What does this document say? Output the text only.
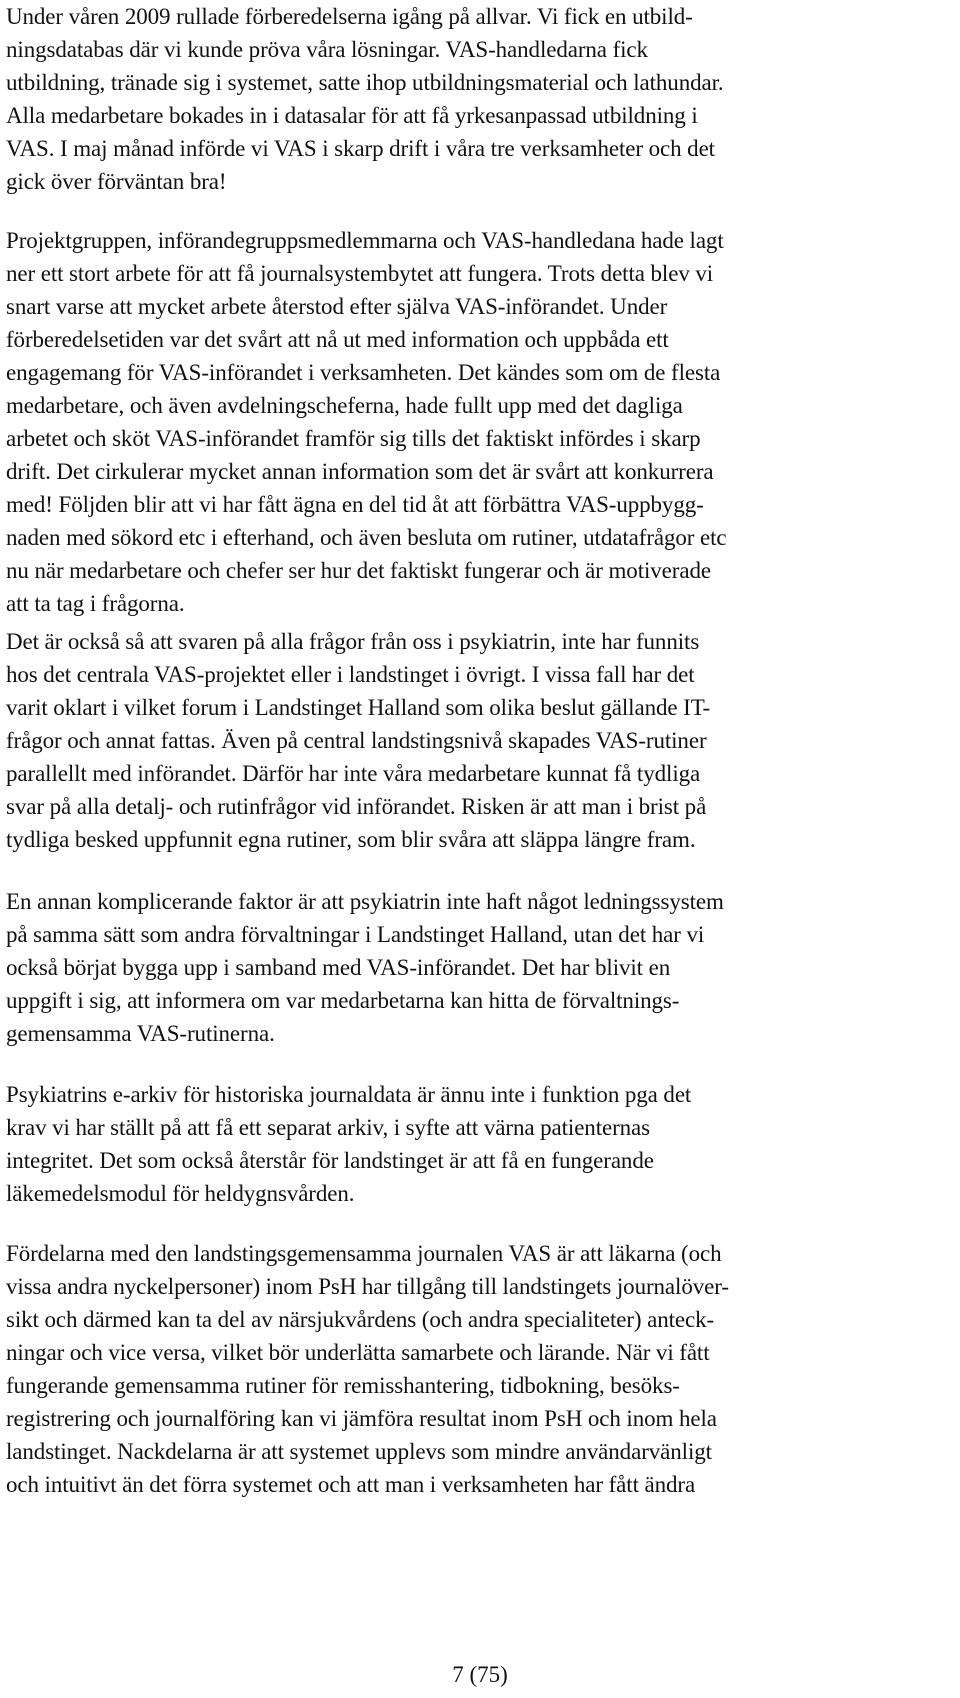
Under våren 2009 rullade förberedelserna igång på allvar. Vi fick en utbild-
ningsdatabas där vi kunde pröva våra lösningar. VAS-handledarna fick
utbildning, tränade sig i systemet, satte ihop utbildningsmaterial och lathundar.
Alla medarbetare bokades in i datasalar för att få yrkesanpassad utbildning i
VAS. I maj månad införde vi VAS i skarp drift i våra tre verksamheter och det
gick över förväntan bra!
Projektgruppen, införandegruppsmedlemmarna och VAS-handledana hade lagt
ner ett stort arbete för att få journalsystembytet att fungera. Trots detta blev vi
snart varse att mycket arbete återstod efter själva VAS-införandet. Under
förberedelsetiden var det svårt att nå ut med information och uppbåda ett
engagemang för VAS-införandet i verksamheten. Det kändes som om de flesta
medarbetare, och även avdelningscheferna, hade fullt upp med det dagliga
arbetet och sköt VAS-införandet framför sig tills det faktiskt infördes i skarp
drift. Det cirkulerar mycket annan information som det är svårt att konkurrera
med! Följden blir att vi har fått ägna en del tid åt att förbättra VAS-uppbygg-
naden med sökord etc i efterhand, och även besluta om rutiner, utdatafrågor etc
nu när medarbetare och chefer ser hur det faktiskt fungerar och är motiverade
att ta tag i frågorna.
Det är också så att svaren på alla frågor från oss i psykiatrin, inte har funnits
hos det centrala VAS-projektet eller i landstinget i övrigt. I vissa fall har det
varit oklart i vilket forum i Landstinget Halland som olika beslut gällande IT-
frågor och annat fattas. Även på central landstingsnivå skapades VAS-rutiner
parallellt med införandet. Därför har inte våra medarbetare kunnat få tydliga
svar på alla detalj- och rutinfrågor vid införandet. Risken är att man i brist på
tydliga besked uppfunnit egna rutiner, som blir svåra att släppa längre fram.
En annan komplicerande faktor är att psykiatrin inte haft något ledningssystem
på samma sätt som andra förvaltningar i Landstinget Halland, utan det har vi
också börjat bygga upp i samband med VAS-införandet. Det har blivit en
uppgift i sig, att informera om var medarbetarna kan hitta de förvaltnings-
gemensamma VAS-rutinerna.
Psykiatrins e-arkiv för historiska journaldata är ännu inte i funktion pga det
krav vi har ställt på att få ett separat arkiv, i syfte att värna patienternas
integritet. Det som också återstår för landstinget är att få en fungerande
läkemedelsmodul för heldygnsvården.
Fördelarna med den landstingsgemensamma journalen VAS är att läkarna (och
vissa andra nyckelpersoner) inom PsH har tillgång till landstingets journalöver-
sikt och därmed kan ta del av närsjukvårdens (och andra specialiteter) anteck-
ningar och vice versa, vilket bör underlätta samarbete och lärande. När vi fått
fungerande gemensamma rutiner för remisshantering, tidbokning, besöks-
registrering och journalföring kan vi jämföra resultat inom PsH och inom hela
landstinget. Nackdelarna är att systemet upplevs som mindre användarvänligt
och intuitivt än det förra systemet och att man i verksamheten har fått ändra
7 (75)
